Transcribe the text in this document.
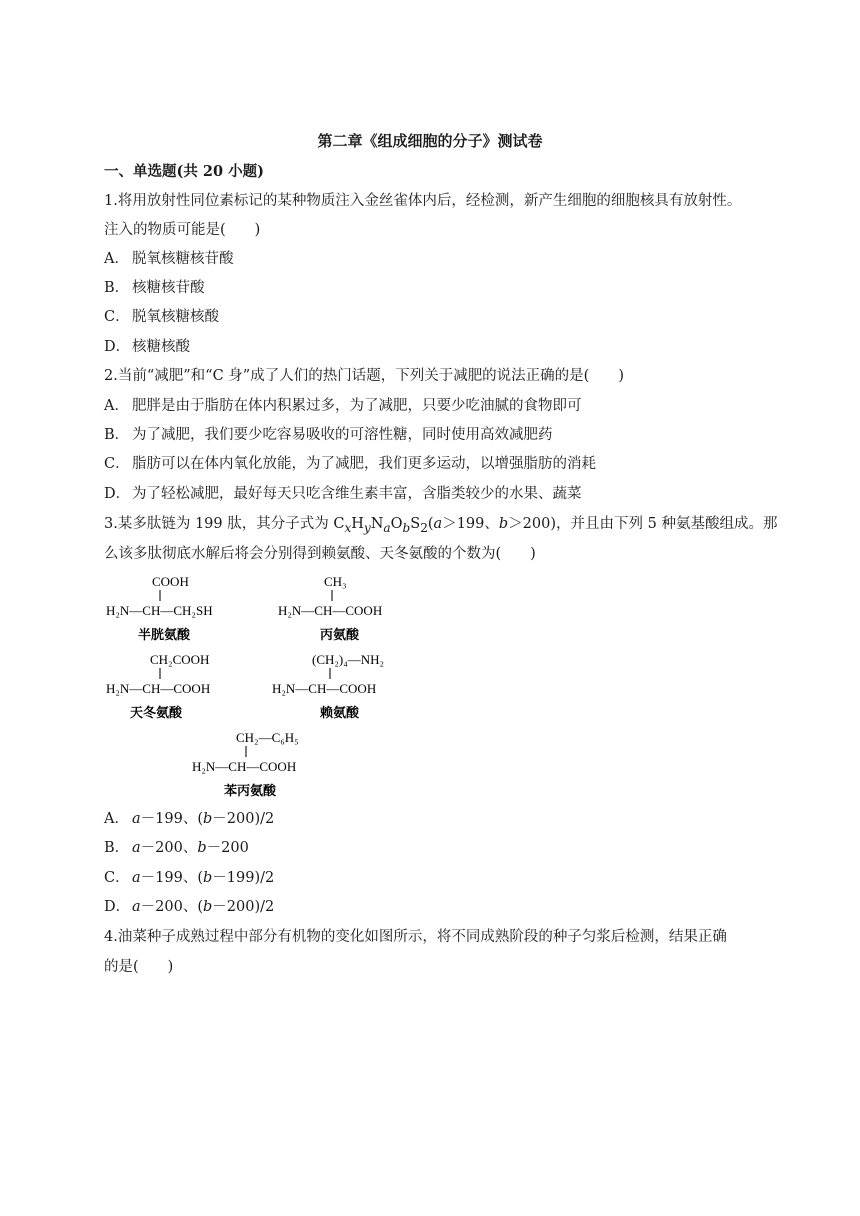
第二章《组成细胞的分子》测试卷
一、单选题(共 20 小题)
1.将用放射性同位素标记的某种物质注入金丝雀体内后，经检测，新产生细胞的细胞核具有放射性。
注入的物质可能是(　　)
A． 脱氧核糖核苷酸
B． 核糖核苷酸
C． 脱氧核糖核酸
D． 核糖核酸
2.当前“减肥”和“C 身”成了人们的热门话题，下列关于减肥的说法正确的是(　　)
A． 肥胖是由于脂肪在体内积累过多，为了减肥，只要少吃油腻的食物即可
B． 为了减肥，我们要少吃容易吸收的可溶性糖，同时使用高效减肥药
C． 脂肪可以在体内氧化放能，为了减肥，我们更多运动，以增强脂肪的消耗
D． 为了轻松减肥，最好每天只吃含维生素丰富，含脂类较少的水果、蔬菜
3.某多肽链为 199 肽，其分子式为 $C_xH_yN_aO_bS_2(a>199$、b＞200)，并且由下列 5 种氨基酸组成。那
么该多肽彻底水解后将会分别得到赖氨酸、天冬氨酸的个数为(　　)
COOH
H₂N—CH—CH₂SH
半胱氨酸
CH₃
H₂N—CH—COOH
丙氨酸
CH₂COOH
H₂N—CH—COOH
天冬氨酸
(CH₂)₄—NH₂
H₂N—CH—COOH
赖氨酸
CH₂—C₆H₅
H₂N—CH—COOH
苯丙氨酸
A． a－199、(b－200)/2
B． a－200、b－200
C． a－199、(b－199)/2
D． a－200、(b－200)/2
4.油菜种子成熟过程中部分有机物的变化如图所示，将不同成熟阶段的种子匀浆后检测，结果正确
的是(　　)
